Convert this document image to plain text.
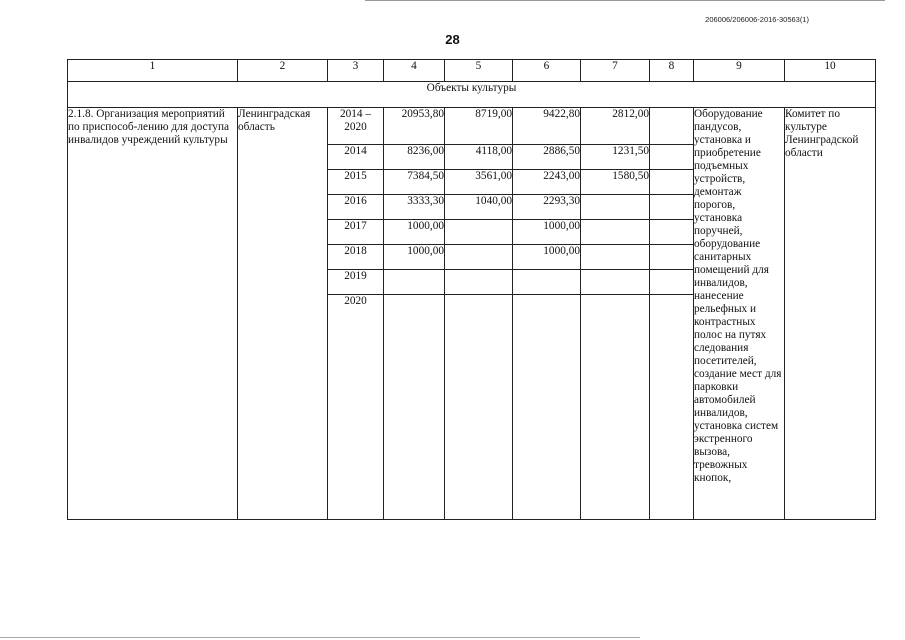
206006/206006-2016-30563(1)
28
1	2	3	4	5	6	7	8	9	10
Объекты культуры									
2.1.8. Организация мероприятий по приспособ-лению для доступа инвалидов учреждений культуры	Ленинградская область	2014 – 2020	20953,80	8719,00	9422,80	2812,00		Оборудование пандусов, установка и приобретение подъемных устройств, демонтаж порогов, установка поручней, оборудование санитарных помещений для инвалидов, нанесение рельефных и контрастных полос на путях следования посетителей, создание мест для парковки автомобилей инвалидов, установка систем экстренного вызова, тревожных кнопок,	Комитет по культуре Ленинградской области
		2014	8236,00	4118,00	2886,50	1231,50			
		2015	7384,50	3561,00	2243,00	1580,50			
		2016	3333,30	1040,00	2293,30				
		2017	1000,00		1000,00				
		2018	1000,00		1000,00				
		2019							
		2020							
